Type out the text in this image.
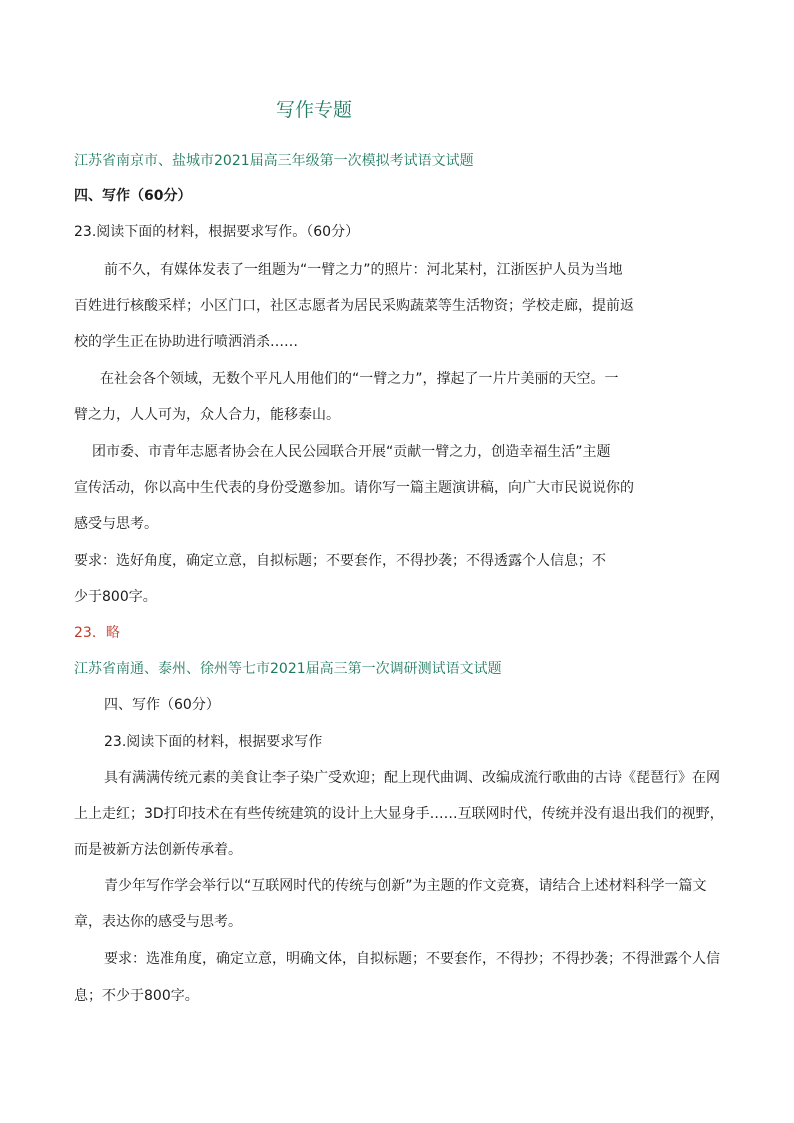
写作专题
江苏省南京市、盐城市2021届高三年级第一次模拟考试语文试题
四、写作（60分）
23.阅读下面的材料，根据要求写作。（60分）
前不久，有媒体发表了一组题为“一臂之力”的照片：河北某村，江浙医护人员为当地
百姓进行核酸采样；小区门口，社区志愿者为居民采购蔬菜等生活物资；学校走廊，提前返
校的学生正在协助进行喷洒消杀……
在社会各个领域，无数个平凡人用他们的“一臂之力”，撑起了一片片美丽的天空。一
臂之力，人人可为，众人合力，能移泰山。
团市委、市青年志愿者协会在人民公园联合开展“贡献一臂之力，创造幸福生活”主题
宣传活动，你以高中生代表的身份受邀参加。请你写一篇主题演讲稿，向广大市民说说你的
感受与思考。
要求：选好角度，确定立意，自拟标题；不要套作，不得抄袭；不得透露个人信息；不
少于800字。
23．略
江苏省南通、泰州、徐州等七市2021届高三第一次调研测试语文试题
四、写作（60分）
23.阅读下面的材料，根据要求写作
具有满满传统元素的美食让李子染广受欢迎；配上现代曲调、改编成流行歌曲的古诗《琵琶行》在网
上上走红；3D打印技术在有些传统建筑的设计上大显身手……互联网时代，传统并没有退出我们的视野，
而是被新方法创新传承着。
青少年写作学会举行以“互联网时代的传统与创新”为主题的作文竞赛，请结合上述材料科学一篇文
章，表达你的感受与思考。
要求：选准角度，确定立意，明确文体，自拟标题；不要套作，不得抄；不得抄袭；不得泄露个人信
息；不少于800字。
